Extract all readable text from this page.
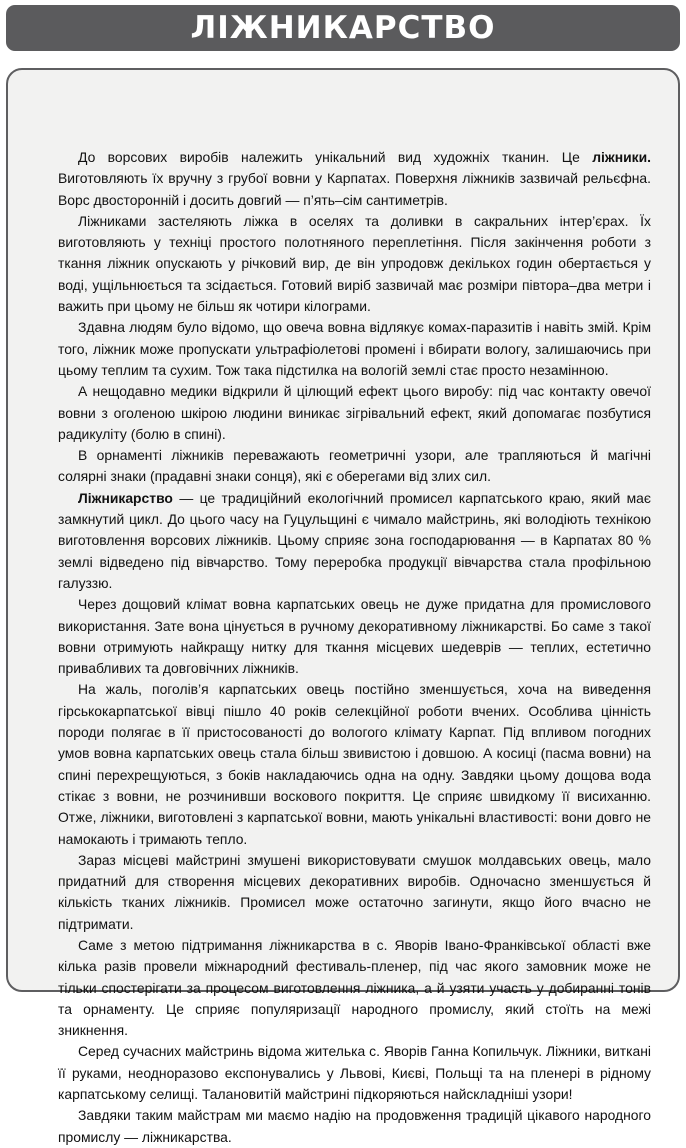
ЛІЖНИКАРСТВО

До ворсових виробів належить унікальний вид художніх тканин. Це ліжники. Виготовляють їх вручну з грубої вовни у Карпатах. Поверхня ліжників зазвичай рельєфна. Ворс двосторонній і досить довгий — п’ять–сім сантиметрів.

Ліжниками застеляють ліжка в оселях та доливки в сакральних інтер’єрах. Їх виготовляють у техніці простого полотняного переплетіння. Після закінчення роботи з ткання ліжник опускають у річковий вир, де він упродовж декількох годин обертається у воді, ущільнюється та зсідається. Готовий виріб зазвичай має розміри півтора–два метри і важить при цьому не більш як чотири кілограми.

Здавна людям було відомо, що овеча вовна відлякує комах-паразитів і навіть змій. Крім того, ліжник може пропускати ультрафіолетові промені і вбирати вологу, залишаючись при цьому теплим та сухим. Тож така підстилка на вологій землі стає просто незамінною.

А нещодавно медики відкрили й цілющий ефект цього виробу: під час контакту овечої вовни з оголеною шкірою людини виникає зігрівальний ефект, який допомагає позбутися радикуліту (болю в спині).

В орнаменті ліжників переважають геометричні узори, але трапляються й магічні солярні знаки (прадавні знаки сонця), які є оберегами від злих сил.

Ліжникарство — це традиційний екологічний промисел карпатського краю, який має замкнутий цикл. До цього часу на Гуцульщині є чимало майстринь, які володіють технікою виготовлення ворсових ліжників. Цьому сприяє зона господарювання — в Карпатах 80 % землі відведено під вівчарство. Тому переробка продукції вівчарства стала профільною галуззю.

Через дощовий клімат вовна карпатських овець не дуже придатна для промислового використання. Зате вона цінується в ручному декоративному ліжникарстві. Бо саме з такої вовни отримують найкращу нитку для ткання місцевих шедеврів — теплих, естетично привабливих та довговічних ліжників.

На жаль, поголів’я карпатських овець постійно зменшується, хоча на виведення гірськокарпатської вівці пішло 40 років селекційної роботи вчених. Особлива цінність породи полягає в її пристосованості до вологого клімату Карпат. Під впливом погодних умов вовна карпатських овець стала більш звивистою і довшою. А косиці (пасма вовни) на спині перехрещуються, з боків накладаючись одна на одну. Завдяки цьому дощова вода стікає з вовни, не розчинивши воскового покриття. Це сприяє швидкому її висиханню. Отже, ліжники, виготовлені з карпатської вовни, мають унікальні властивості: вони довго не намокають і тримають тепло.

Зараз місцеві майстрині змушені використовувати смушок молдавських овець, мало придатний для створення місцевих декоративних виробів. Одночасно зменшується й кількість тканих ліжників. Промисел може остаточно загинути, якщо його вчасно не підтримати.

Саме з метою підтримання ліжникарства в с. Яворів Івано-Франківської області вже кілька разів провели міжнародний фестиваль-пленер, під час якого замовник може не тільки спостерігати за процесом виготовлення ліжника, а й узяти участь у добиранні тонів та орнаменту. Це сприяє популяризації народного промислу, який стоїть на межі зникнення.

Серед сучасних майстринь відома жителька с. Яворів Ганна Копильчук. Ліжники, виткані її руками, неодноразово експонувались у Львові, Києві, Польщі та на пленері в рідному карпатському селищі. Талановитій майстрині підкоряються найскладніші узори!

Завдяки таким майстрам ми маємо надію на продовження традицій цікавого народного промислу — ліжникарства.
